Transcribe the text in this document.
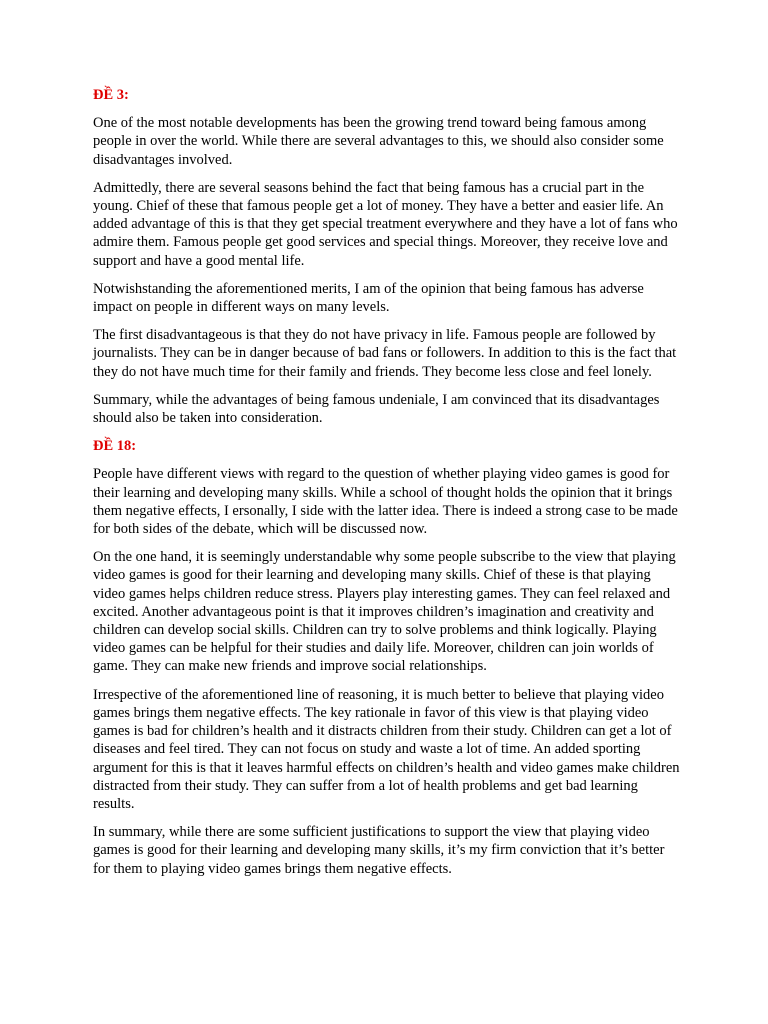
ĐỀ 3:

One of the most notable developments has been the growing trend toward being famous among people in over the world. While there are several advantages to this, we should also consider some disadvantages involved.

Admittedly, there are several seasons behind the fact that being famous has a crucial part in the young. Chief of these that famous people get a lot of money. They have a better and easier life. An added advantage of this is that they get special treatment everywhere and they have a lot of fans who admire them. Famous people get good services and special things. Moreover, they receive love and support and have a good mental life.

Notwishstanding the aforementioned merits, I am of the opinion that being famous has adverse impact on people in different ways on many levels.

The first disadvantageous is that they do not have privacy in life. Famous people are followed by journalists. They can be in danger because of bad fans or followers. In addition to this is the fact that they do not have much time for their family and friends. They become less close and feel lonely.

Summary, while the advantages of being famous undeniale, I am convinced that its disadvantages should also be taken into consideration.

ĐỀ 18:

People have different views with regard to the question of whether playing video games is good for their learning and developing many skills. While a school of thought holds the opinion that it brings them negative effects, I ersonally, I side with the latter idea. There is indeed a strong case to be made for both sides of the debate, which will be discussed now.

On the one hand, it is seemingly understandable why some people subscribe to the view that playing video games is good for their learning and developing many skills. Chief of these is that playing video games helps children reduce stress. Players play interesting games. They can feel relaxed and excited. Another advantageous point is that it improves children’s imagination and creativity and children can develop social skills. Children can try to solve problems and think logically. Playing video games can be helpful for their studies and daily life. Moreover, children can join worlds of game. They can make new friends and improve social relationships.

Irrespective of the aforementioned line of reasoning, it is much better to believe that playing video games brings them negative effects. The key rationale in favor of this view is that playing video games is bad for children’s health and it distracts children from their study. Children can get a lot of diseases and feel tired. They can not focus on study and waste a lot of time. An added sporting argument for this is that it leaves harmful effects on children’s health and video games make children distracted from their study. They can suffer from a lot of health problems and get bad learning results.

In summary, while there are some sufficient justifications to support the view that playing video games is good for their learning and developing many skills, it’s my firm conviction that it’s better for them to playing video games brings them negative effects.
